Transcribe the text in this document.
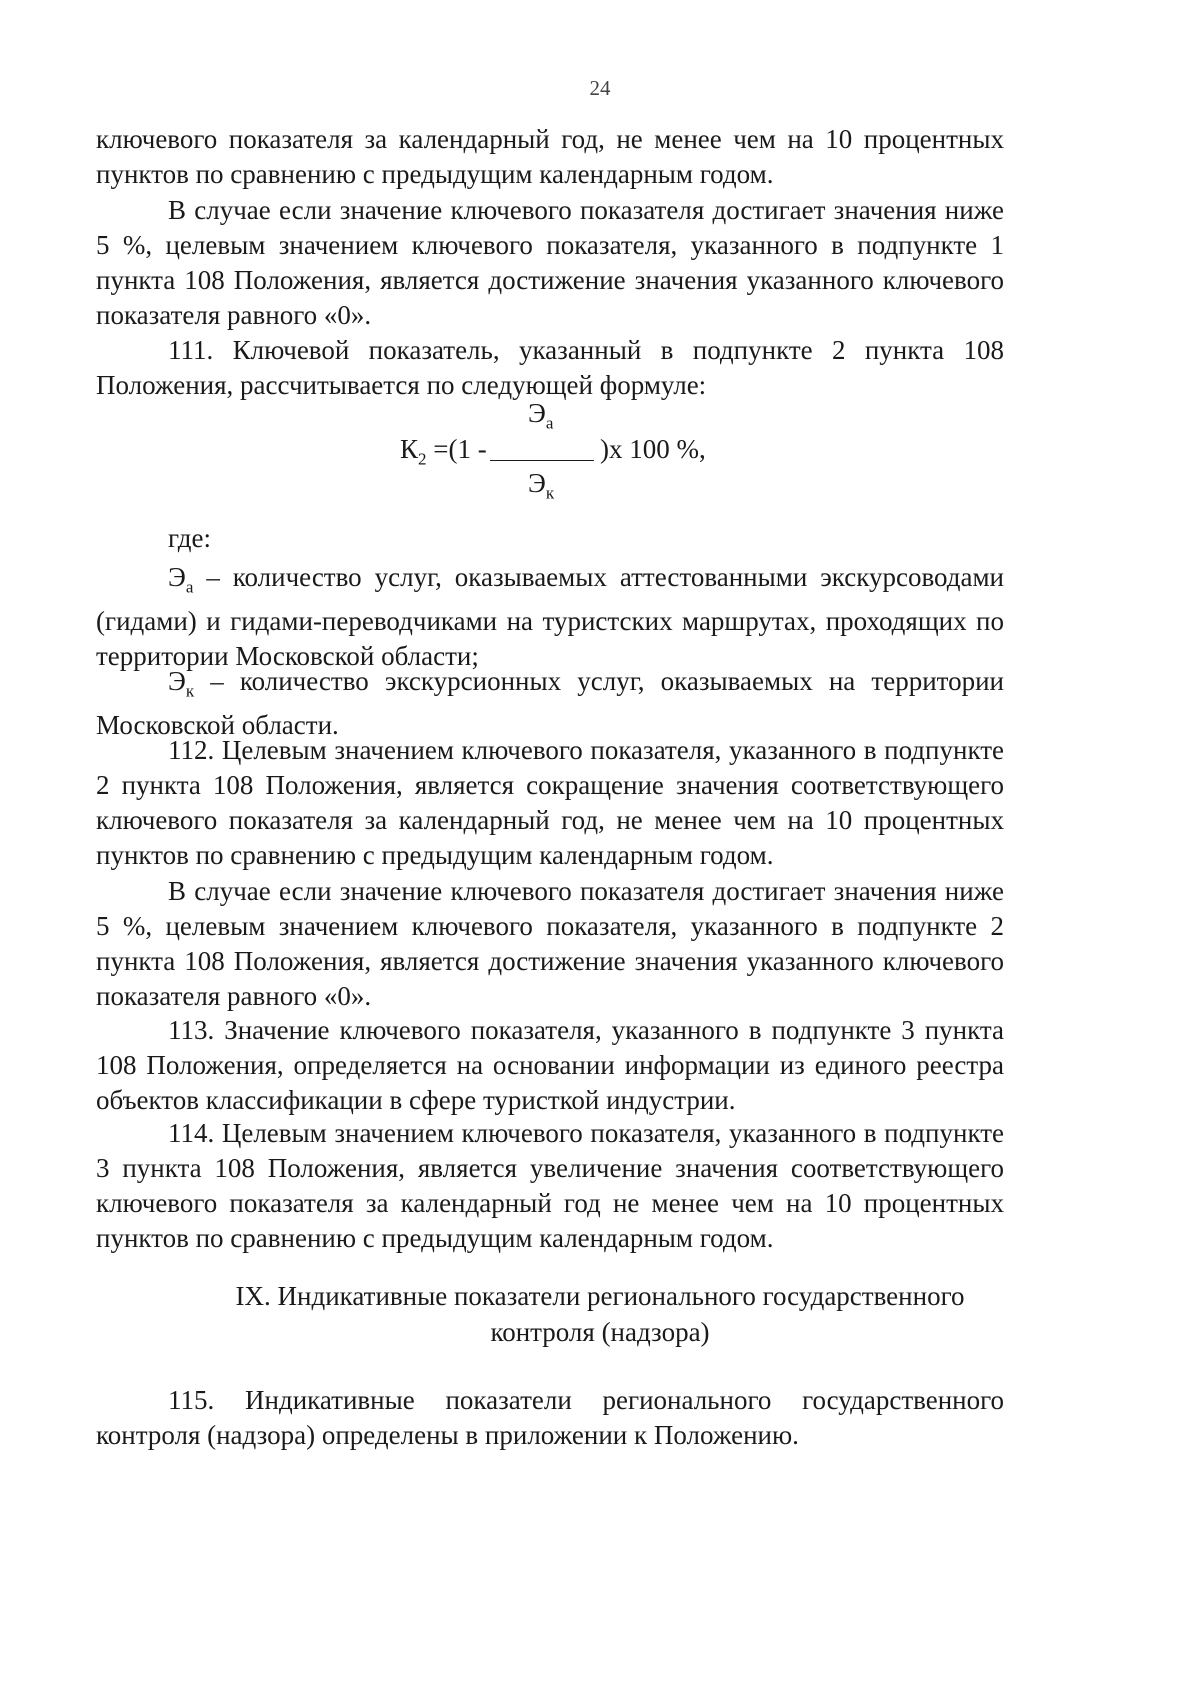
24

ключевого показателя за календарный год, не менее чем на 10 процентных пунктов по сравнению с предыдущим календарным годом.

В случае если значение ключевого показателя достигает значения ниже 5 %, целевым значением ключевого показателя, указанного в подпункте 1 пункта 108 Положения, является достижение значения указанного ключевого показателя равного «0».

111. Ключевой показатель, указанный в подпункте 2 пункта 108 Положения, рассчитывается по следующей формуле:

$Э_а$
$К_2 =(1$ -	)х 100 %,
$Э_к$

где:

$Э_а$ – количество услуг, оказываемых аттестованными экскурсоводами (гидами) и гидами-переводчиками на туристских маршрутах, проходящих по территории Московской области;

$Э_к$ – количество экскурсионных услуг, оказываемых на территории Московской области.

112. Целевым значением ключевого показателя, указанного в подпункте 2 пункта 108 Положения, является сокращение значения соответствующего ключевого показателя за календарный год, не менее чем на 10 процентных пунктов по сравнению с предыдущим календарным годом.

В случае если значение ключевого показателя достигает значения ниже 5 %, целевым значением ключевого показателя, указанного в подпункте 2 пункта 108 Положения, является достижение значения указанного ключевого показателя равного «0».

113. Значение ключевого показателя, указанного в подпункте 3 пункта 108 Положения, определяется на основании информации из единого реестра объектов классификации в сфере туристкой индустрии.

114. Целевым значением ключевого показателя, указанного в подпункте 3 пункта 108 Положения, является увеличение значения соответствующего ключевого показателя за календарный год не менее чем на 10 процентных пунктов по сравнению с предыдущим календарным годом.

IX. Индикативные показатели регионального государственного
контроля (надзора)

115. Индикативные показатели регионального государственного контроля (надзора) определены в приложении к Положению.
